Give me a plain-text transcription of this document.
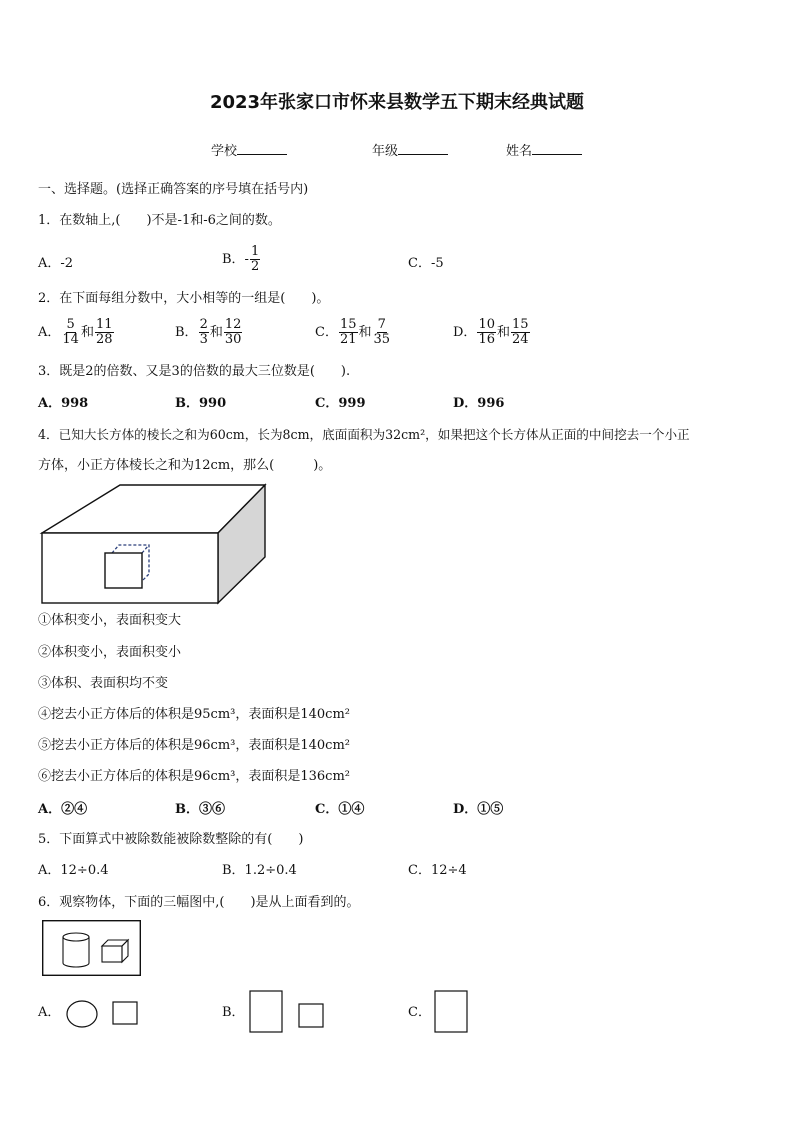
2023年张家口市怀来县数学五下期末经典试题
学校	年级	姓名
一、选择题。(选择正确答案的序号填在括号内)
1．在数轴上,(　　)不是-1和-6之间的数。
A．-2	B．- $\frac{1}{2}$	C．-5
2．在下面每组分数中，大小相等的一组是(　　)。
A． $\frac{5}{14}$ 和 $\frac{11}{28}$	B． $\frac{2}{3}$ 和 $\frac{12}{30}$	C． $\frac{15}{21}$ 和 $\frac{7}{35}$	D． $\frac{10}{16}$ 和 $\frac{15}{24}$
3．既是2的倍数、又是3的倍数的最大三位数是(　　).
A．998	B．990	C．999	D．996
4．已知大长方体的棱长之和为60cm，长为8cm，底面面积为32cm²，如果把这个长方体从正面的中间挖去一个小正
方体，小正方体棱长之和为12cm，那么(　　　)。
①体积变小，表面积变大
②体积变小，表面积变小
③体积、表面积均不变
④挖去小正方体后的体积是95cm³，表面积是140cm²
⑤挖去小正方体后的体积是96cm³，表面积是140cm²
⑥挖去小正方体后的体积是96cm³，表面积是136cm²
A．②④	B．③⑥	C．①④	D．①⑤
5．下面算式中被除数能被除数整除的有(　　)
A．12÷0.4	B．1.2÷0.4	C．12÷4
6．观察物体，下面的三幅图中,(　　)是从上面看到的。
A．	B．	C．
